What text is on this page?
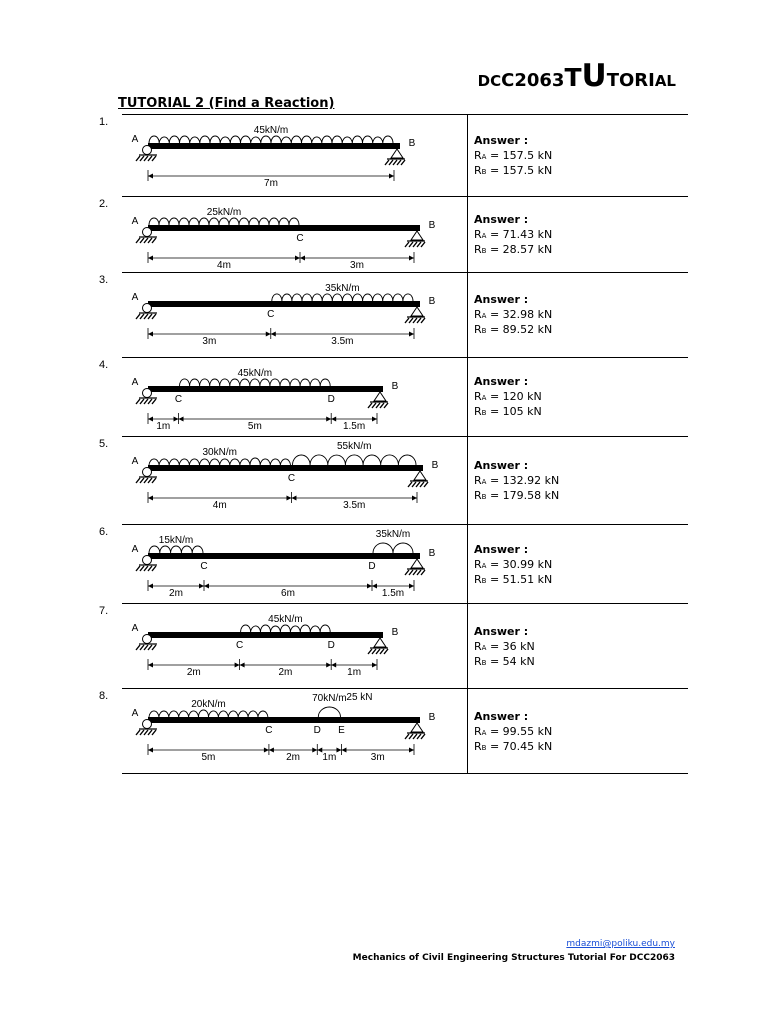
DCC2063TUTORIAL
TUTORIAL 2 (Find a Reaction)
1.
45kN/m
A	B
7m
Answer :
RA = 157.5 kN
RB = 157.5 kN
2.
25kN/m
A
C
B
4m	3m
Answer :
RA = 71.43 kN
RB = 28.57 kN
3.
35kN/m
A
C
B
3m	3.5m
Answer :
RA = 32.98 kN
RB = 89.52 kN
4.
45kN/m
A
C	D
B
1m	5m	1.5m
Answer :
RA = 120 kN
RB = 105 kN
5.
30kN/m
55kN/m
A
C
B
4m	3.5m
Answer :
RA = 132.92 kN
RB = 179.58 kN
6.
15kN/m
35kN/m
A
C	D
B
2m	6m	1.5m
Answer :
RA = 30.99 kN
RB = 51.51 kN
7.
45kN/m
A
C	D
B
2m	2m	1m
Answer :
RA = 36 kN
RB = 54 kN
8.
20kN/m
70kN/m 25 kN
A
C	D E
B
5m	2m 1m	3m
Answer :
RA = 99.55 kN
RB = 70.45 kN
mdazmi@poliku.edu.my
Mechanics of Civil Engineering Structures Tutorial For DCC2063
